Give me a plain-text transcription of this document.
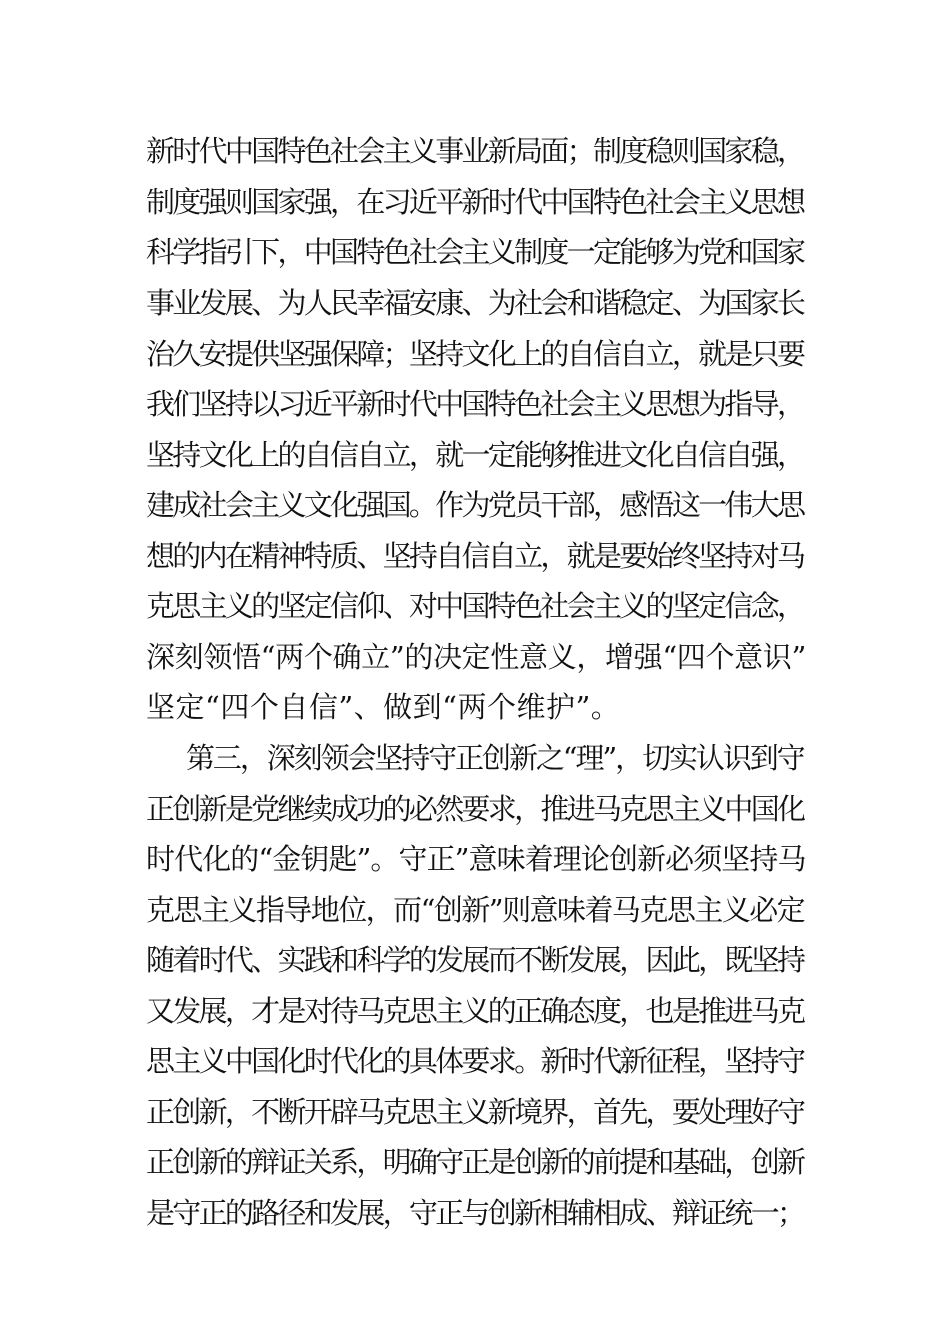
新时代中国特色社会主义事业新局面；制度稳则国家稳，
制度强则国家强，在习近平新时代中国特色社会主义思想
科学指引下，中国特色社会主义制度一定能够为党和国家
事业发展、为人民幸福安康、为社会和谐稳定、为国家长
治久安提供坚强保障；坚持文化上的自信自立，就是只要
我们坚持以习近平新时代中国特色社会主义思想为指导，
坚持文化上的自信自立，就一定能够推进文化自信自强，
建成社会主义文化强国。作为党员干部，感悟这一伟大思
想的内在精神特质、坚持自信自立，就是要始终坚持对马
克思主义的坚定信仰、对中国特色社会主义的坚定信念，
深刻领悟“两个确立”的决定性意义，增强“四个意识”
坚定“四个自信”、做到“两个维护”。
第三，深刻领会坚持守正创新之“理”，切实认识到守
正创新是党继续成功的必然要求，推进马克思主义中国化
时代化的“金钥匙”。守正”意味着理论创新必须坚持马
克思主义指导地位，而“创新”则意味着马克思主义必定
随着时代、实践和科学的发展而不断发展，因此，既坚持
又发展，才是对待马克思主义的正确态度，也是推进马克
思主义中国化时代化的具体要求。新时代新征程，坚持守
正创新，不断开辟马克思主义新境界，首先，要处理好守
正创新的辩证关系，明确守正是创新的前提和基础，创新
是守正的路径和发展，守正与创新相辅相成、辩证统一；
